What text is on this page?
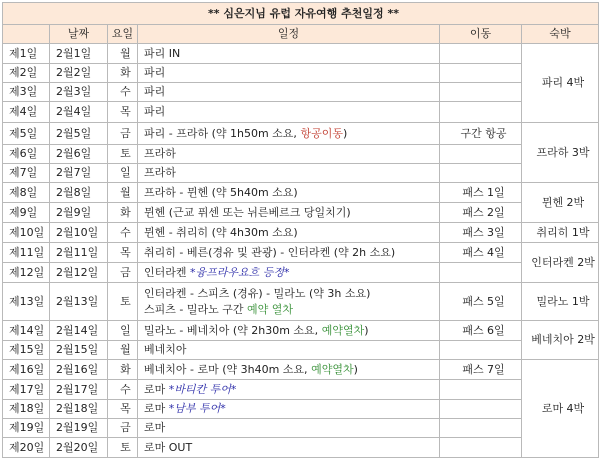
** 심은지님 유럽 자유여행 추천일정 **					
	날짜	요일	일정	이동	숙박
제1일	2월1일	월	파리 IN		파리 4박
제2일	2월2일	화	파리		

제3일	2월3일	수	파리		

제4일	2월4일	목	파리		

제5일	2월5일	금	파리 - 프라하 (약 1h50m 소요, 항공이동)	구간 항공	프라하 3박
제6일	2월6일	토	프라하		

제7일	2월7일	일	프라하		

제8일	2월8일	월	프라하 - 뮌헨 (약 5h40m 소요)	패스 1일	뮌헨 2박
제9일	2월9일	화	뮌헨 (근교 퓌센 또는 뉘른베르크 당일치기)	패스 2일	
제10일	2월10일	수	뮌헨 - 취리히 (약 4h30m 소요)	패스 3일	취리히 1박
제11일	2월11일	목	취리히 - 베른(경유 및 관광) - 인터라켄 (약 2h 소요)	패스 4일	인터라켄 2박
제12일	2월12일	금	인터라켄 *융프라우요흐 등정*		

제13일	2월13일	토	인터라켄 - 스피츠 (경유) - 밀라노 (약 3h 소요)
스피츠 - 밀라노 구간 예약 열차	패스 5일	밀라노 1박
제14일	2월14일	일	밀라노 - 베네치아 (약 2h30m 소요, 예약열차)	패스 6일	베네치아 2박
제15일	2월15일	월	베네치아		

제16일	2월16일	화	베네치아 - 로마 (약 3h40m 소요, 예약열차)	패스 7일	로마 4박
제17일	2월17일	수	로마 *바티칸 투어*		

제18일	2월18일	목	로마 *남부 투어*		

제19일	2월19일	금	로마		

제20일	2월20일	토	로마 OUT		
